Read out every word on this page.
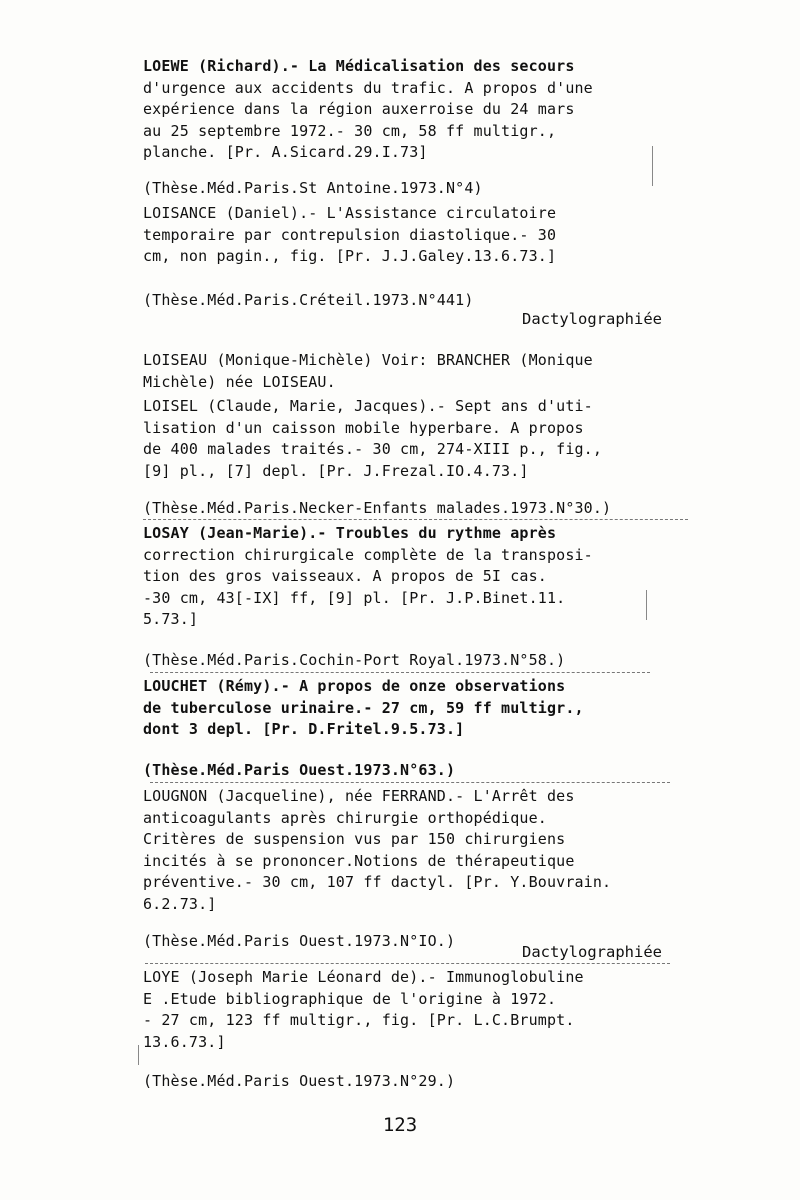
LOEWE (Richard).- La Médicalisation des secours
d'urgence aux accidents du trafic. A propos d'une
expérience dans la région auxerroise du 24 mars
au 25 septembre 1972.- 30 cm, 58 ff multigr.,
planche. [Pr. A.Sicard.29.I.73]
(Thèse.Méd.Paris.St Antoine.1973.N°4)
LOISANCE (Daniel).- L'Assistance circulatoire
temporaire par contrepulsion diastolique.- 30
cm, non pagin., fig. [Pr. J.J.Galey.13.6.73.]
(Thèse.Méd.Paris.Créteil.1973.N°441)
Dactylographiée
LOISEAU (Monique-Michèle) Voir: BRANCHER (Monique
Michèle) née LOISEAU.
LOISEL (Claude, Marie, Jacques).- Sept ans d'uti-
lisation d'un caisson mobile hyperbare. A propos
de 400 malades traités.- 30 cm, 274-XIII p., fig.,
[9] pl., [7] depl. [Pr. J.Frezal.IO.4.73.]
(Thèse.Méd.Paris.Necker-Enfants malades.1973.N°30.)
LOSAY (Jean-Marie).- Troubles du rythme après
correction chirurgicale complète de la transposi-
tion des gros vaisseaux. A propos de 5I cas.
-30 cm, 43[-IX] ff, [9] pl. [Pr. J.P.Binet.11.
5.73.]
(Thèse.Méd.Paris.Cochin-Port Royal.1973.N°58.)
LOUCHET (Rémy).- A propos de onze observations
de tuberculose urinaire.- 27 cm, 59 ff multigr.,
dont 3 depl. [Pr. D.Fritel.9.5.73.]
(Thèse.Méd.Paris Ouest.1973.N°63.)
LOUGNON (Jacqueline), née FERRAND.- L'Arrêt des
anticoagulants après chirurgie orthopédique.
Critères de suspension vus par 150 chirurgiens
incités à se prononcer.Notions de thérapeutique
préventive.- 30 cm, 107 ff dactyl. [Pr. Y.Bouvrain.
6.2.73.]
(Thèse.Méd.Paris Ouest.1973.N°IO.)
Dactylographiée
LOYE (Joseph Marie Léonard de).- Immunoglobuline
E .Etude bibliographique de l'origine à 1972.
- 27 cm, 123 ff multigr., fig. [Pr. L.C.Brumpt.
13.6.73.]
(Thèse.Méd.Paris Ouest.1973.N°29.)
123
